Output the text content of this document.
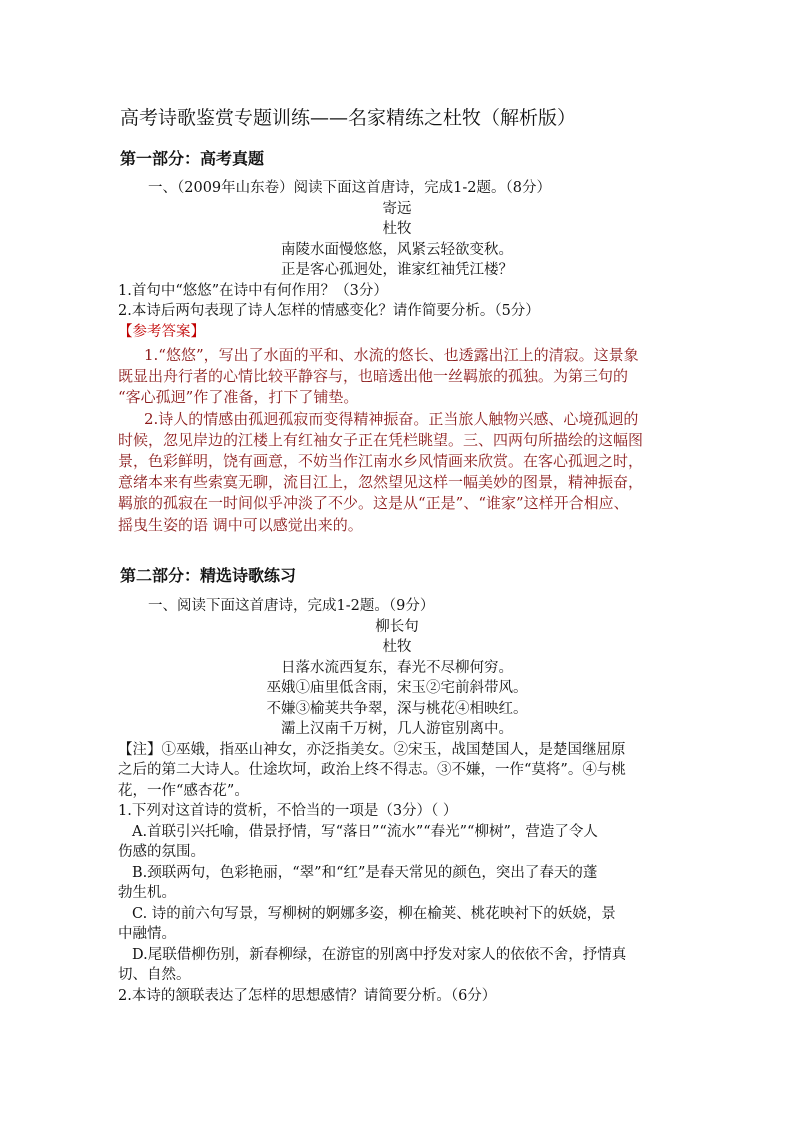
高考诗歌鉴赏专题训练——名家精练之杜牧（解析版）
第一部分：高考真题
一、（2009年山东卷）阅读下面这首唐诗，完成1-2题。（8分）
寄远
杜牧
南陵水面慢悠悠，风紧云轻欲变秋。
正是客心孤迥处，谁家红袖凭江楼？
1.首句中“悠悠”在诗中有何作用？（3分）
2.本诗后两句表现了诗人怎样的情感变化？请作简要分析。（5分）
【参考答案】
1.“悠悠”，写出了水面的平和、水流的悠长、也透露出江上的清寂。这景象
既显出舟行者的心情比较平静容与，也暗透出他一丝羁旅的孤独。为第三句的
“客心孤迥”作了准备，打下了铺垫。
2.诗人的情感由孤迥孤寂而变得精神振奋。正当旅人触物兴感、心境孤迥的
时候，忽见岸边的江楼上有红袖女子正在凭栏眺望。三、四两句所描绘的这幅图
景，色彩鲜明，饶有画意，不妨当作江南水乡风情画来欣赏。在客心孤迥之时，
意绪本来有些索寞无聊，流目江上，忽然望见这样一幅美妙的图景，精神振奋，
羁旅的孤寂在一时间似乎冲淡了不少。这是从“正是”、“谁家”这样开合相应、
摇曳生姿的语 调中可以感觉出来的。
第二部分：精选诗歌练习
一、阅读下面这首唐诗，完成1-2题。（9分）
柳长句
杜牧
日落水流西复东，春光不尽柳何穷。
巫娥①庙里低含雨，宋玉②宅前斜带风。
不嫌③榆荚共争翠，深与桃花④相映红。
灞上汉南千万树，几人游宦别离中。
【注】①巫娥，指巫山神女，亦泛指美女。②宋玉，战国楚国人，是楚国继屈原
之后的第二大诗人。仕途坎坷，政治上终不得志。③不嫌，一作“莫将”。④与桃
花，一作“感杏花”。
1.下列对这首诗的赏析，不恰当的一项是（3分）（ ）
A.首联引兴托喻，借景抒情，写“落日”“流水”“春光”“柳树”，营造了令人
伤感的氛围。
B.颈联两句，色彩艳丽，“翠”和“红”是春天常见的颜色，突出了春天的蓬
勃生机。
C. 诗的前六句写景，写柳树的婀娜多姿，柳在榆荚、桃花映衬下的妖娆，景
中融情。
D.尾联借柳伤别，新春柳绿，在游宦的别离中抒发对家人的依依不舍，抒情真
切、自然。
2.本诗的颔联表达了怎样的思想感情？请简要分析。（6分）
